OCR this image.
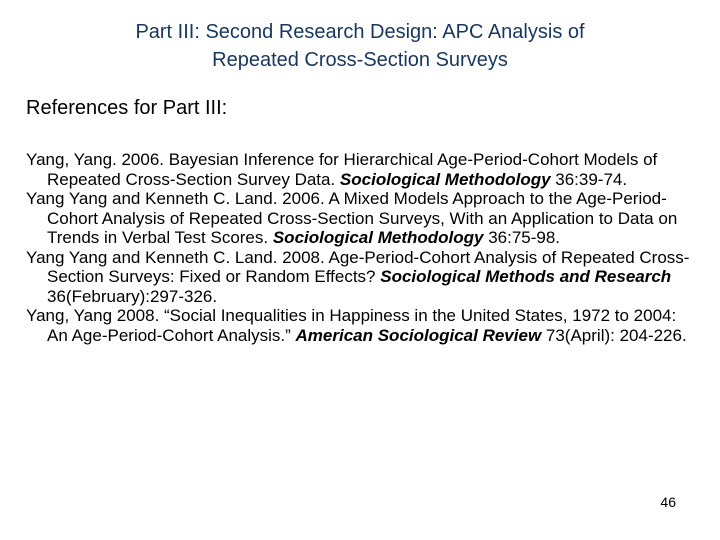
Part III: Second Research Design: APC Analysis of
Repeated Cross-Section Surveys
References for Part III:
Yang, Yang. 2006. Bayesian Inference for Hierarchical Age-Period-Cohort Models of Repeated Cross-Section Survey Data. Sociological Methodology 36:39-74.
Yang Yang and Kenneth C. Land. 2006. A Mixed Models Approach to the Age-Period-Cohort Analysis of Repeated Cross-Section Surveys, With an Application to Data on Trends in Verbal Test Scores. Sociological Methodology 36:75-98.
Yang Yang and Kenneth C. Land. 2008. Age-Period-Cohort Analysis of Repeated Cross-Section Surveys: Fixed or Random Effects? Sociological Methods and Research 36(February):297-326.
Yang, Yang 2008. “Social Inequalities in Happiness in the United States, 1972 to 2004: An Age-Period-Cohort Analysis.” American Sociological Review 73(April): 204-226.
46
